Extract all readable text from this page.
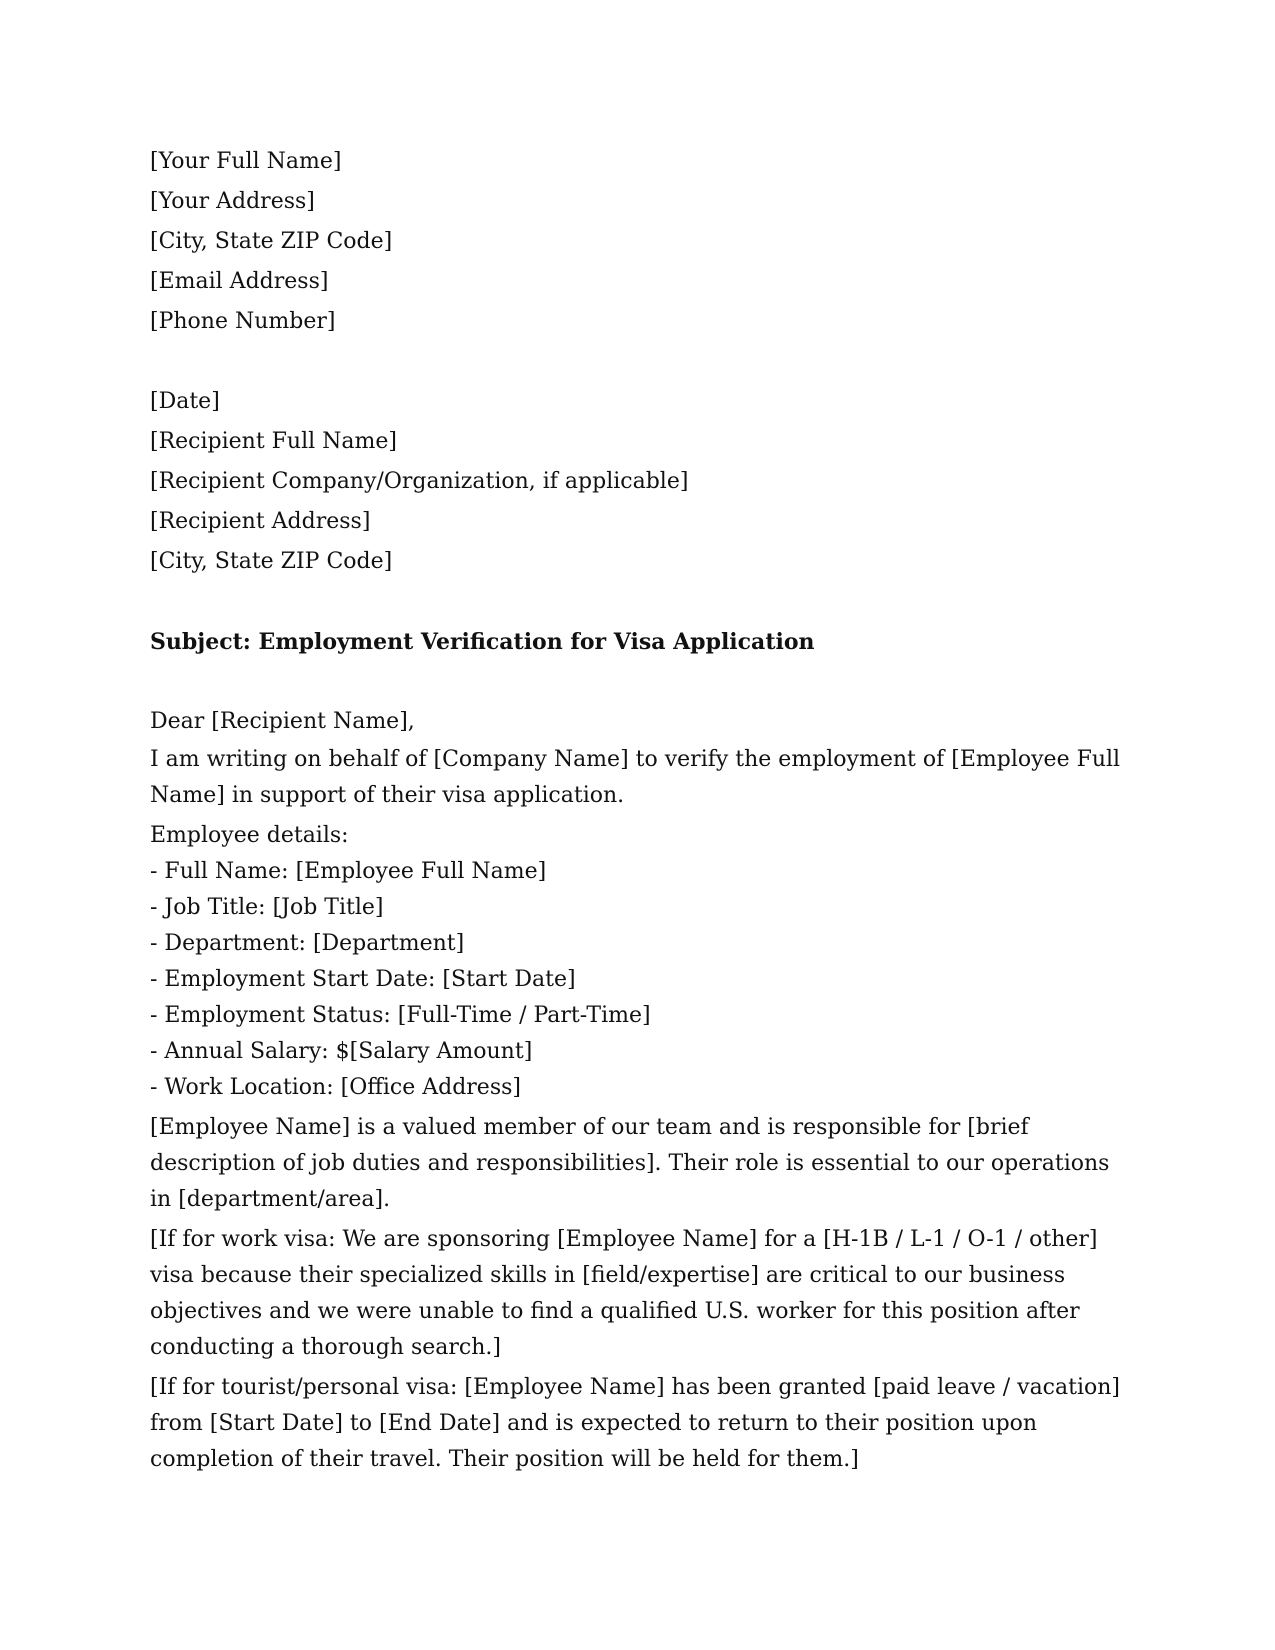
[Your Full Name]

[Your Address]

[City, State ZIP Code]

[Email Address]

[Phone Number]

[Date]

[Recipient Full Name]

[Recipient Company/Organization, if applicable]

[Recipient Address]

[City, State ZIP Code]

Subject: Employment Verification for Visa Application

Dear [Recipient Name],

I am writing on behalf of [Company Name] to verify the employment of [Employee Full Name] in support of their visa application.

Employee details:

- Full Name: [Employee Full Name]
- Job Title: [Job Title]
- Department: [Department]
- Employment Start Date: [Start Date]
- Employment Status: [Full-Time / Part-Time]
- Annual Salary: $[Salary Amount]
- Work Location: [Office Address]

[Employee Name] is a valued member of our team and is responsible for [brief description of job duties and responsibilities]. Their role is essential to our operations in [department/area].

[If for work visa: We are sponsoring [Employee Name] for a [H-1B / L-1 / O-1 / other] visa because their specialized skills in [field/expertise] are critical to our business objectives and we were unable to find a qualified U.S. worker for this position after conducting a thorough search.]

[If for tourist/personal visa: [Employee Name] has been granted [paid leave / vacation] from [Start Date] to [End Date] and is expected to return to their position upon completion of their travel. Their position will be held for them.]
